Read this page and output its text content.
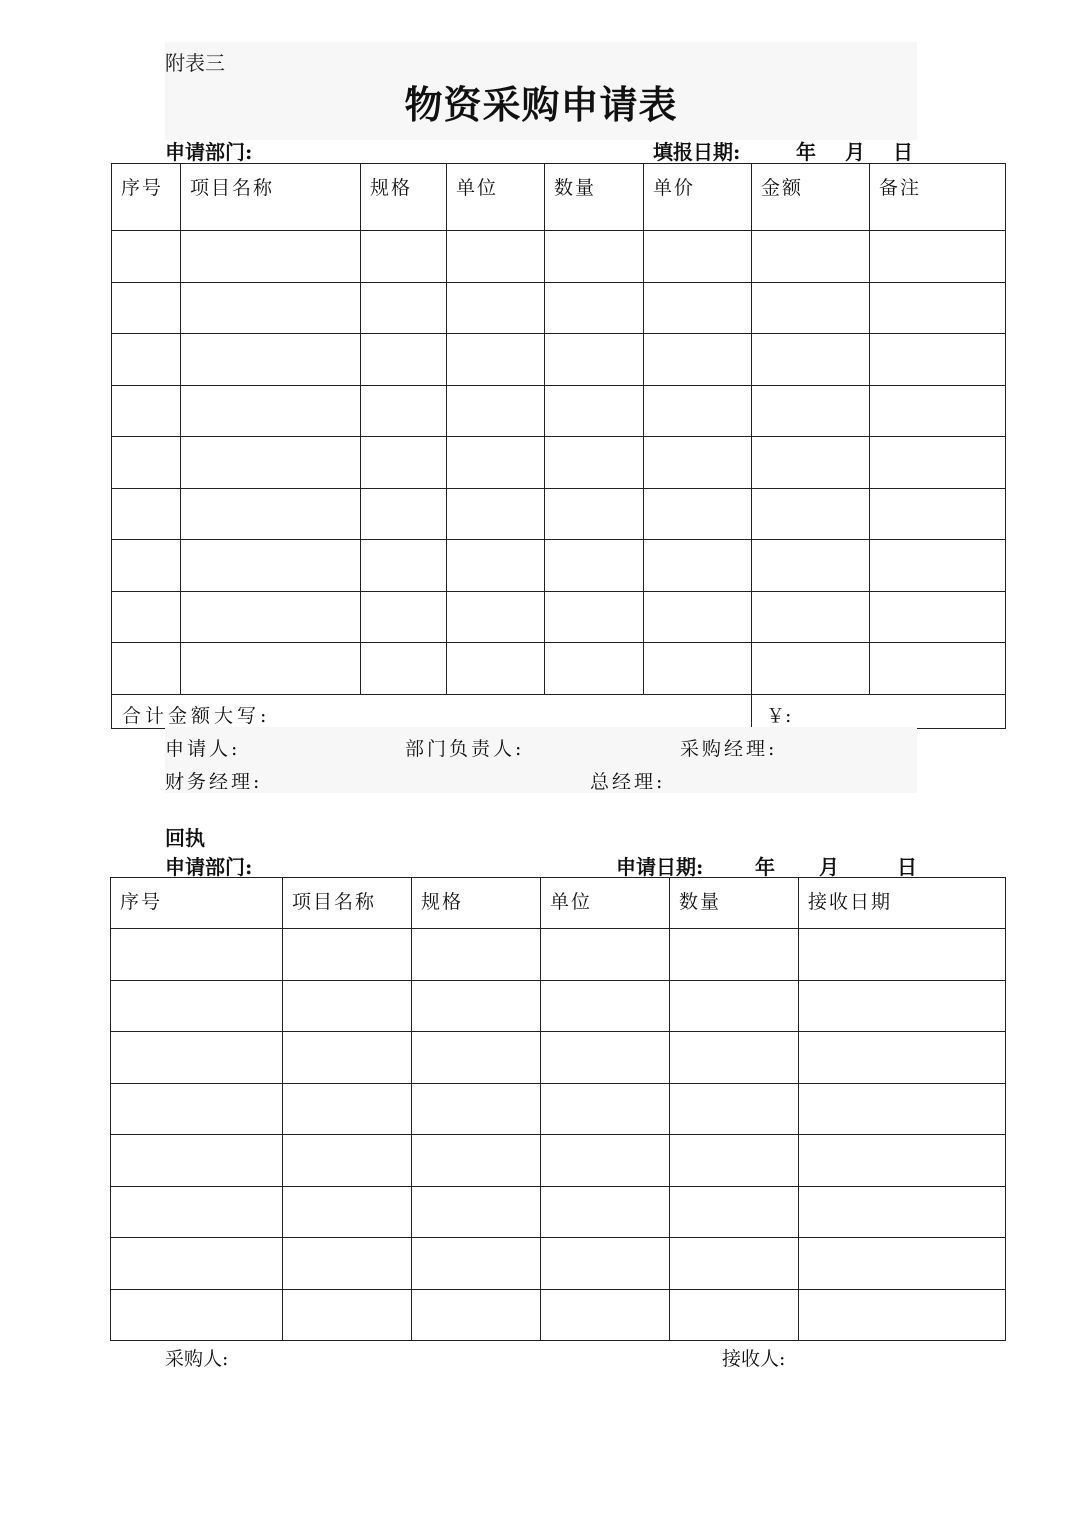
附表三
物资采购申请表
申请部门:	填报日期:	年 月 日
序号	项目名称	规格	单位	数量	单价	金额	备注

合计金额大写:						￥:	
申请人:	部门负责人:	采购经理:
财务经理:	总经理:
回执
申请部门:	申请日期:	年 月	日
序号	项目名称	规格	单位	数量	接收日期

采购人:	接收人:
